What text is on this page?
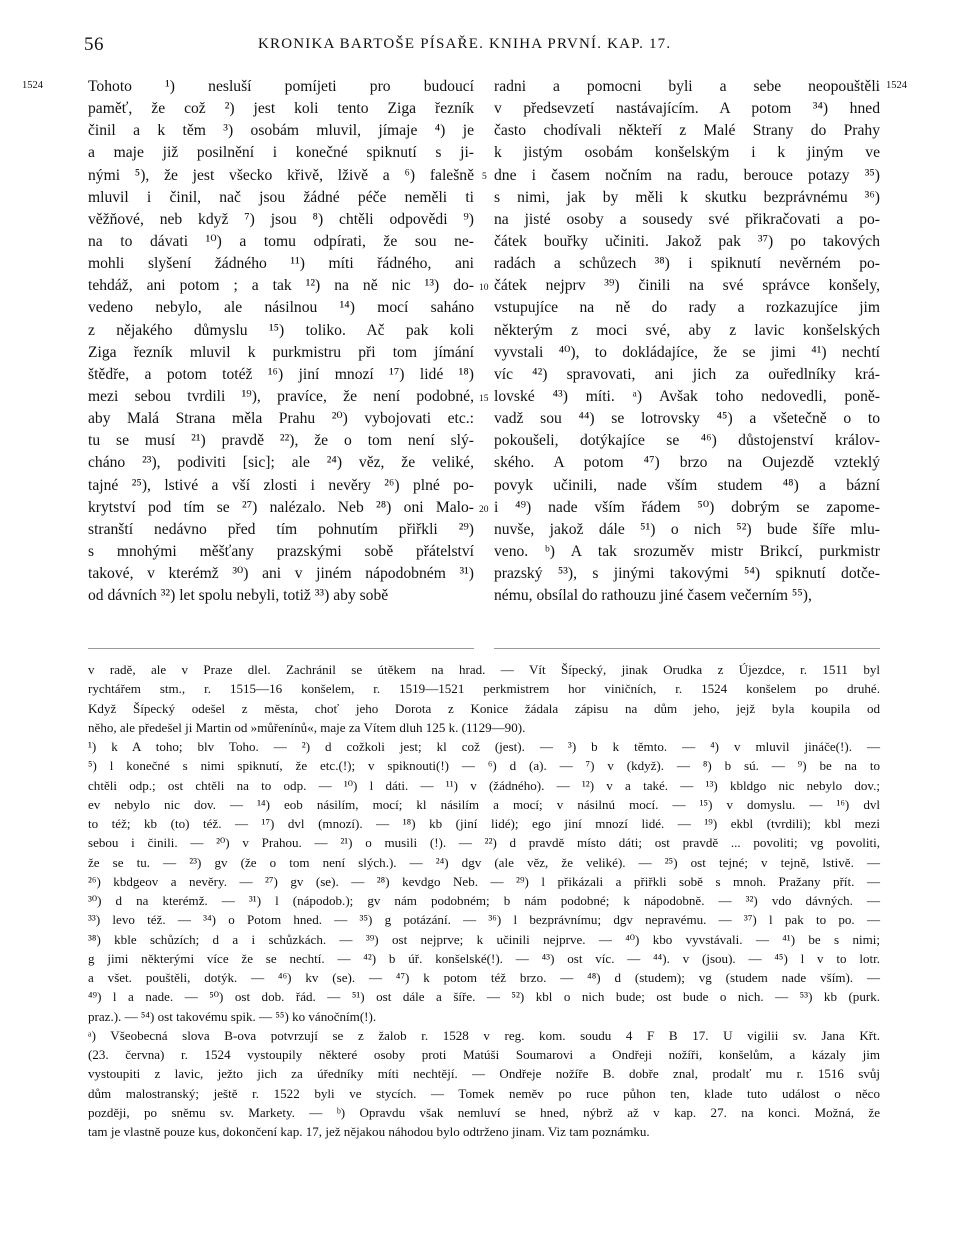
56	KRONIKA BARTOŠE PÍSAŘE. KNIHA PRVNÍ. KAP. 17.
1524	1524
5
10
15
20
Tohoto ¹) nesluší pomíjeti pro budoucí
paměť, že což ²) jest koli tento Ziga řezník
činil a k těm ³) osobám mluvil, jímaje ⁴) je
a maje již posilnění i konečné spiknutí s ji-
nými ⁵), že jest všecko křivě, lživě a ⁶) falešně
mluvil i činil, nač jsou žádné péče neměli ti
věžňové, neb když ⁷) jsou ⁸) chtěli odpovědi ⁹)
na to dávati ¹⁰) a tomu odpírati, že sou ne-
mohli slyšení žádného ¹¹) míti řádného, ani
tehdáž, ani potom ; a tak ¹²) na ně nic ¹³) do-
vedeno nebylo, ale násilnou ¹⁴) mocí saháno
z nějakého důmyslu ¹⁵) toliko. Ač pak koli
Ziga řezník mluvil k purkmistru při tom jímání
štědře, a potom totéž ¹⁶) jiní mnozí ¹⁷) lidé ¹⁸)
mezi sebou tvrdili ¹⁹), pravíce, že není podobné,
aby Malá Strana měla Prahu ²⁰) vybojovati etc.:
tu se musí ²¹) pravdě ²²), že o tom není slý-
cháno ²³), podiviti [sic]; ale ²⁴) věz, že veliké,
tajné ²⁵), lstivé a vší zlosti i nevěry ²⁶) plné po-
krytství pod tím se ²⁷) nalézalo. Neb ²⁸) oni Malo-
stranští nedávno před tím pohnutím přiřkli ²⁹)
s mnohými měšťany prazskými sobě přátelství
takové, v kterémž ³⁰) ani v jiném nápodobném ³¹)
od dávních ³²) let spolu nebyli, totiž ³³) aby sobě
radni a pomocni byli a sebe neopouštěli
v předsevzetí nastávajícím. A potom ³⁴) hned
často chodívali někteří z Malé Strany do Prahy
k jistým osobám konšelským i k jiným ve
dne i časem nočním na radu, berouce potazy ³⁵)
s nimi, jak by měli k skutku bezprávnému ³⁶)
na jisté osoby a sousedy své přikračovati a po-
čátek bouřky učiniti. Jakož pak ³⁷) po takových
radách a schůzech ³⁸) i spiknutí nevěrném po-
čátek nejprv ³⁹) činili na své správce konšely,
vstupujíce na ně do rady a rozkazujíce jim
některým z moci své, aby z lavic konšelských
vyvstali ⁴⁰), to dokládajíce, že se jimi ⁴¹) nechtí
víc ⁴²) spravovati, ani jich za ouředlníky krá-
lovské ⁴³) míti. ᵃ) Avšak toho nedovedli, poně-
vadž sou ⁴⁴) se lotrovsky ⁴⁵) a všetečně o to
pokoušeli, dotýkajíce se ⁴⁶) důstojenství králov-
ského. A potom ⁴⁷) brzo na Oujezdě vzteklý
povyk učinili, nade vším studem ⁴⁸) a bázní
i ⁴⁹) nade vším řádem ⁵⁰) dobrým se zapome-
nuvše, jakož dále ⁵¹) o nich ⁵²) bude šíře mlu-
veno. ᵇ) A tak srozuměv mistr Brikcí, purkmistr
prazský ⁵³), s jinými takovými ⁵⁴) spiknutí dotče-
nému, obsílal do rathouzu jiné časem večerním ⁵⁵),
v radě, ale v Praze dlel. Zachránil se útěkem na hrad. — Vít Šípecký, jinak Orudka z Újezdce, r. 1511 byl
rychtářem stm., r. 1515—16 konšelem, r. 1519—1521 perkmistrem hor viničních, r. 1524 konšelem po druhé.
Když Šípecký odešel z města, choť jeho Dorota z Konice žádala zápisu na dům jeho, jejž byla koupila od
něho, ale předešel ji Martin od »můřenínů«, maje za Vítem dluh 125 k. (1129—90).
¹) k A toho; blv Toho. — ²) d cožkoli jest; kl což (jest). — ³) b k těmto. — ⁴) v mluvil jináče(!). —
⁵) l konečné s nimi spiknutí, že etc.(!); v spiknouti(!) — ⁶) d (a). — ⁷) v (když). — ⁸) b sú. — ⁹) be na to
chtěli odp.; ost chtěli na to odp. — ¹⁰) l dáti. — ¹¹) v (žádného). — ¹²) v a také. — ¹³) kbldgo nic nebylo dov.;
ev nebylo nic dov. — ¹⁴) eob násilím, mocí; kl násilím a mocí; v násilnú mocí. — ¹⁵) v domyslu. — ¹⁶) dvl
to též; kb (to) též. — ¹⁷) dvl (mnozí). — ¹⁸) kb (jiní lidé); ego jiní mnozí lidé. — ¹⁹) ekbl (tvrdili); kbl mezi
sebou i činili. — ²⁰) v Prahou. — ²¹) o musili (!). — ²²) d pravdě místo dáti; ost pravdě ... povoliti; vg povoliti,
že se tu. — ²³) gv (že o tom není slých.). — ²⁴) dgv (ale věz, že veliké). — ²⁵) ost tejné; v tejně, lstivě. —
²⁶) kbdgeov a nevěry. — ²⁷) gv (se). — ²⁸) kevdgo Neb. — ²⁹) l přikázali a přiřkli sobě s mnoh. Pražany přít. —
³⁰) d na kterémž. — ³¹) l (nápodob.); gv nám podobném; b nám podobné; k nápodobně. — ³²) vdo dávných. —
³³) levo též. — ³⁴) o Potom hned. — ³⁵) g potázání. — ³⁶) l bezprávnímu; dgv nepravému. — ³⁷) l pak to po. —
³⁸) kble schůzích; d a i schůzkách. — ³⁹) ost nejprve; k učinili nejprve. — ⁴⁰) kbo vyvstávali. — ⁴¹) be s nimi;
g jimi některými více že se nechtí. — ⁴²) b úř. konšelské(!). — ⁴³) ost víc. — ⁴⁴). v (jsou). — ⁴⁵) l v to lotr.
a všet. pouštěli, dotýk. — ⁴⁶) kv (se). — ⁴⁷) k potom též brzo. — ⁴⁸) d (studem); vg (studem nade vším). —
⁴⁹) l a nade. — ⁵⁰) ost dob. řád. — ⁵¹) ost dále a šíře. — ⁵²) kbl o nich bude; ost bude o nich. — ⁵³) kb (purk.
praz.). — ⁵⁴) ost takovému spik. — ⁵⁵) ko vánočním(!).
ᵃ) Všeobecná slova B-ova potvrzují se z žalob r. 1528 v reg. kom. soudu 4 F B 17. U vigilii sv. Jana Křt.
(23. června) r. 1524 vystoupily některé osoby proti Matúši Soumarovi a Ondřeji nožíři, konšelům, a kázaly jim
vystoupiti z lavic, ježto jich za úředníky míti nechtějí. — Ondřeje nožíře B. dobře znal, prodalť mu r. 1516 svůj
dům malostranský; ještě r. 1522 byli ve stycích. — Tomek neměv po ruce půhon ten, klade tuto událost o něco
později, po sněmu sv. Markety. — ᵇ) Opravdu však nemluví se hned, nýbrž až v kap. 27. na konci. Možná, že
tam je vlastně pouze kus, dokončení kap. 17, jež nějakou náhodou bylo odtrženo jinam. Viz tam poznámku.
